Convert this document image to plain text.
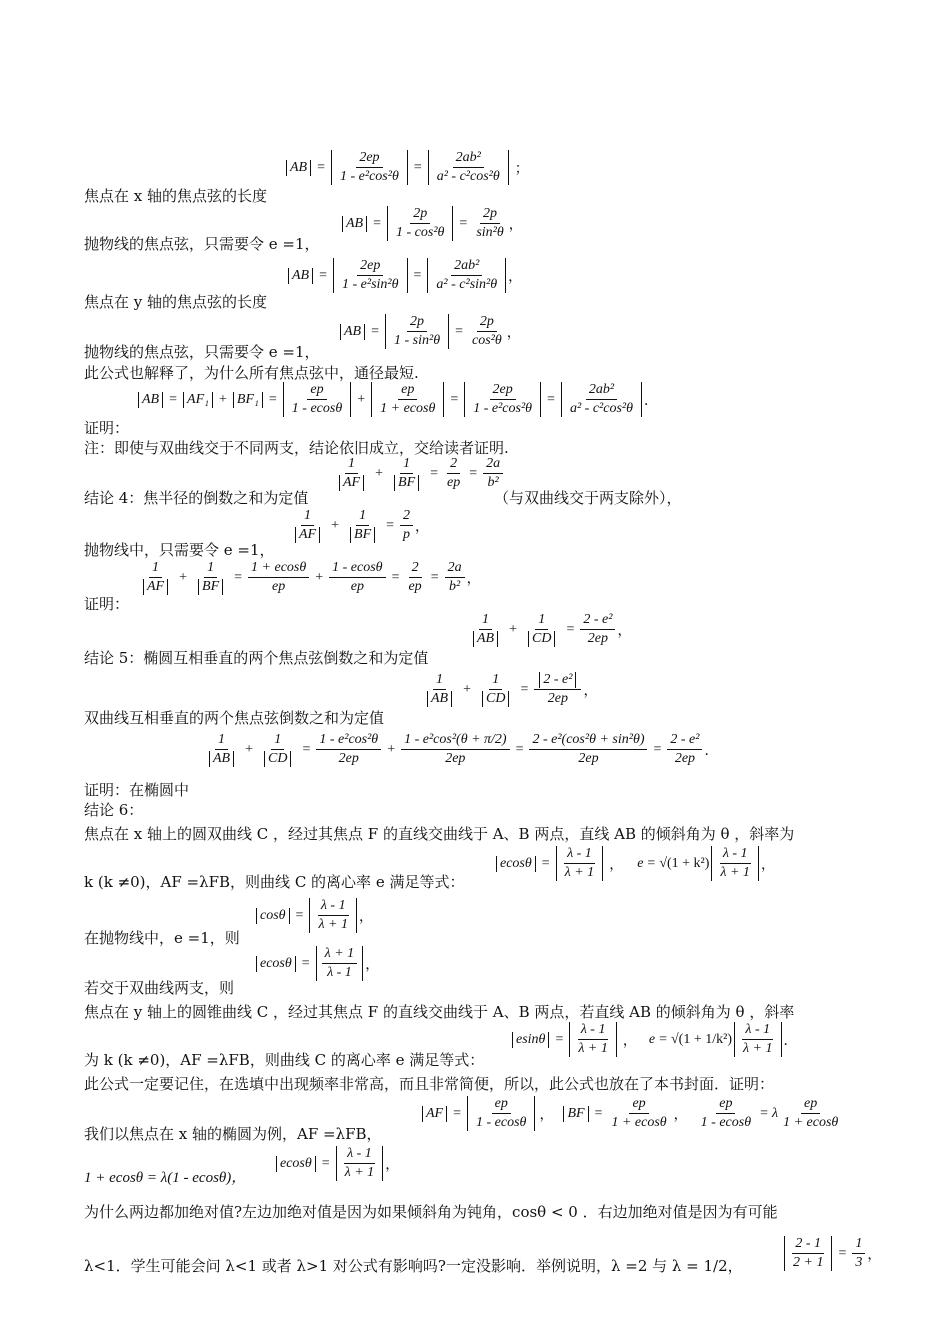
AB = $\frac{2ep}{\text{1 - e²cos²θ}} = \frac{\text{2ab²}}{\text{a² - c²cos²θ}}$ ；
焦点在 x 轴的焦点弦的长度
AB = $\frac{2p}{\text{1 - cos²θ}} = \frac{2p}{\text{sin²θ}}$ ，
抛物线的焦点弦，只需要令 e =1，
AB = $\frac{2ep}{\text{1 - e²sin²θ}} = \frac{\text{2ab²}}{\text{a² - c²sin²θ}}$ ，
焦点在 y 轴的焦点弦的长度
AB = $\frac{2p}{\text{1 - sin²θ}} = \frac{2p}{\text{cos²θ}}$ ，
抛物线的焦点弦，只需要令 e =1，
此公式也解释了，为什么所有焦点弦中，通径最短.
AB = $AF_1 + BF_1 = \frac{ep}{1 - ecos\theta} + \frac{ep}{1 + ecos\theta} = \frac{2ep}{\text{1 - e²cos²θ}} = \frac{\text{2ab²}}{\text{a² - c²cos²θ}}$ ．
证明：
注：即使与双曲线交于不同两支，结论依旧成立，交给读者证明.
$\frac{1}{AF} + \frac{1}{BF} = \frac{2}{ep} = \frac{2a}{\text{b²}}$
结论 4：焦半径的倒数之和为定值	（与双曲线交于两支除外），
$\frac{1}{AF} + \frac{1}{BF} = \frac{2}{p}$ ，
抛物线中，只需要令 e =1，
$\frac{1}{AF} + \frac{1}{BF} = \frac{1 + ecos\theta}{ep} + \frac{1 - ecos\theta}{ep} = \frac{2}{ep} = \frac{2a}{\text{b²}}$ ，
证明：
$\frac{1}{AB} + \frac{1}{CD} = \frac{\text{2 - e²}}{2ep}$ ，
结论 5：椭圆互相垂直的两个焦点弦倒数之和为定值
$\frac{1}{AB} + \frac{1}{CD} = \frac{\text{2 - e²}}{2ep}$ ，
双曲线互相垂直的两个焦点弦倒数之和为定值
$\frac{1}{AB} + \frac{1}{CD} = \frac{\text{1 - e²cos²θ}}{2ep} + \frac{\text{1 - e²cos²(θ + π/2)}}{2ep} = \frac{\text{2 - e²(cos²θ + sin²θ)}}{2ep} = \frac{\text{2 - e²}}{2ep}$ ．
证明：在椭圆中
结论 6：
焦点在 x 轴上的圆双曲线 C ，经过其焦点 F 的直线交曲线于 A、B 两点，直线 AB 的倾斜角为 θ ，斜率为
k (k ≠0)，AF =λFB，则曲线 C 的离心率 e 满足等式：
$ecos\theta = \frac{\lambda - 1}{\lambda + 1}$ ， $e = √(1 + k^2) \frac{\lambda - 1}{\lambda + 1}$ ，
$\cos\theta = \frac{\lambda - 1}{\lambda + 1}$ ，
在抛物线中，e =1，则
$ecos\theta = \frac{\lambda + 1}{\lambda - 1}$ ，
若交于双曲线两支，则
焦点在 y 轴上的圆锥曲线 C ，经过其焦点 F 的直线交曲线于 A、B 两点，若直线 AB 的倾斜角为 θ ，斜率
为 k (k ≠0)，AF =λFB，则曲线 C 的离心率 e 满足等式：
$esin\theta = \frac{\lambda - 1}{\lambda + 1}$ ， $e = √(1 + 1/k^2) \frac{\lambda - 1}{\lambda + 1}$ ．
此公式一定要记住，在选填中出现频率非常高，而且非常简便，所以，此公式也放在了本书封面．证明：
我们以焦点在 x 轴的椭圆为例，AF =λFB，
AF = $\frac{ep}{1 - ecos\theta}$ ， BF = $\frac{ep}{1 + ecos\theta}$ ， $\frac{ep}{1 - ecos\theta} = \lambda \frac{ep}{1 + ecos\theta}$
1 + ecosθ = λ(1 - ecosθ)，
$ecos\theta = \frac{\lambda - 1}{\lambda + 1}$ ，
为什么两边都加绝对值?左边加绝对值是因为如果倾斜角为钝角，cosθ < 0 ．右边加绝对值是因为有可能
λ<1．学生可能会问 λ<1 或者 λ>1 对公式有影响吗?一定没影响．举例说明，λ =2 与 λ = 1/2，	$\frac{2 - 1}{2 + 1} = \frac{1}{3}$ ，
